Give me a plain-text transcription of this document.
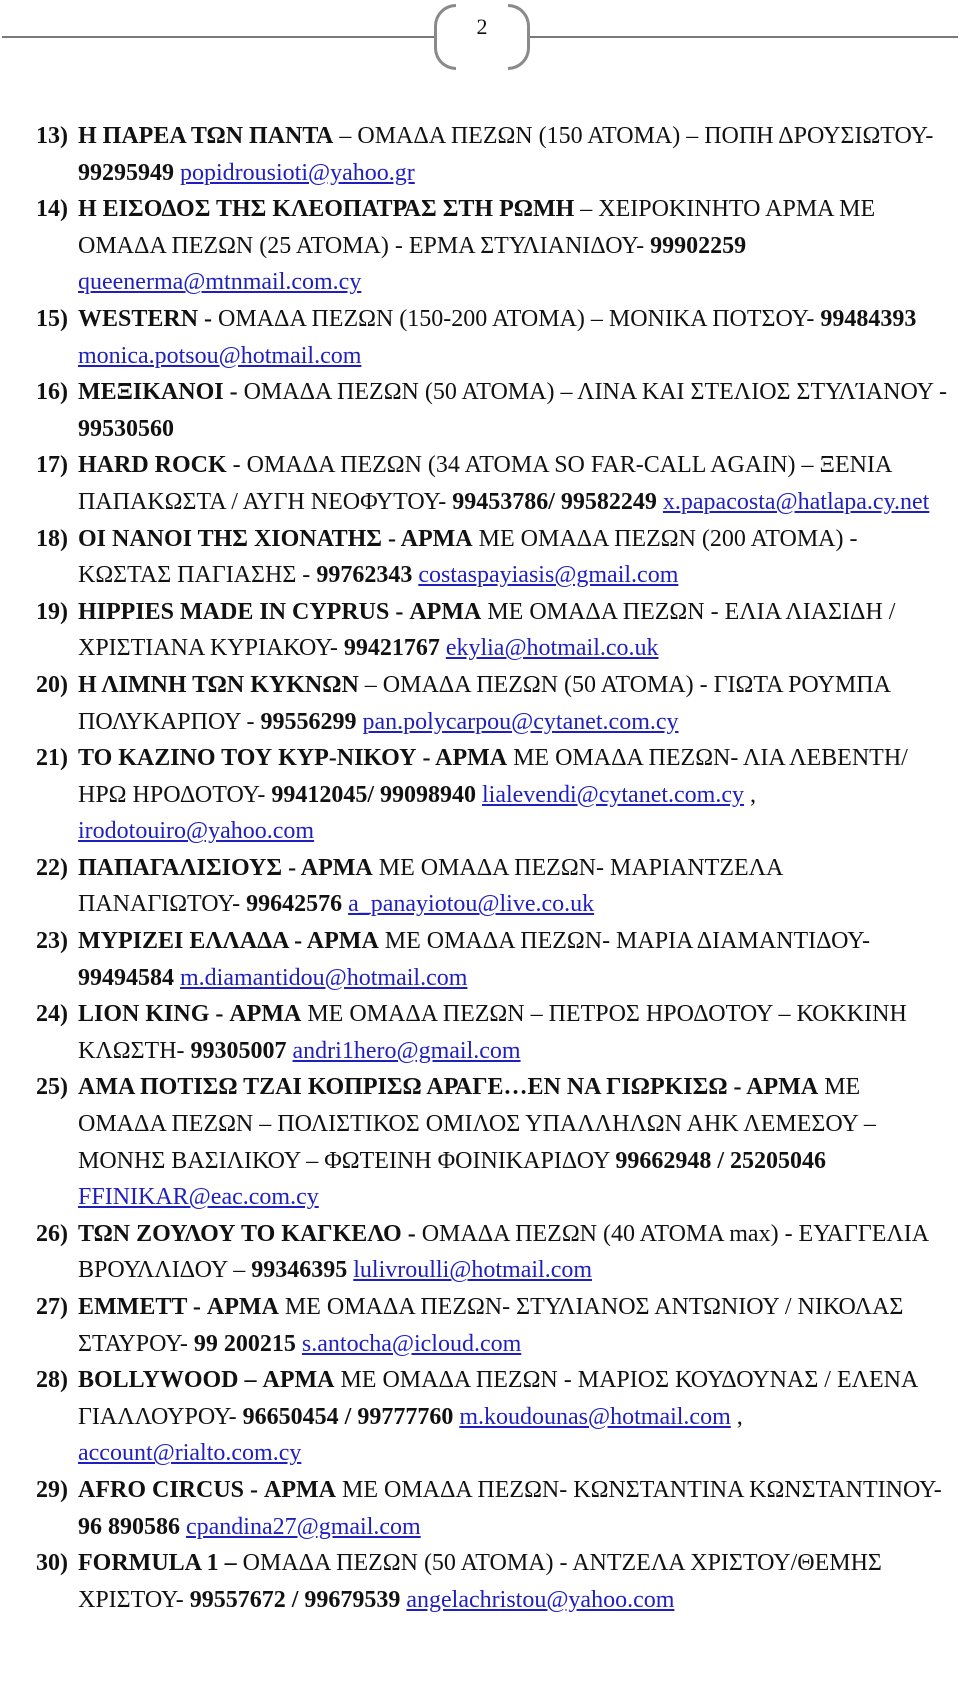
2
13) Η ΠΑΡΕΑ ΤΩΝ ΠΑΝΤΑ – ΟΜΑΔΑ ΠΕΖΩΝ (150 ΑΤΟΜΑ) – ΠΟΠΗ ΔΡΟΥΣΙΩΤΟΥ- 99295949 popidrousioti@yahoo.gr
14) Η ΕΙΣΟΔΟΣ ΤΗΣ ΚΛΕΟΠΑΤΡΑΣ ΣΤΗ ΡΩΜΗ – ΧΕΙΡΟΚΙΝΗΤΟ ΑΡΜΑ ΜΕ ΟΜΑΔΑ ΠΕΖΩΝ (25 ΑΤΟΜΑ) - ΕΡΜΑ ΣΤΥΛΙΑΝΙΔΟΥ- 99902259 queenerma@mtnmail.com.cy
15) WESTERN - ΟΜΑΔΑ ΠΕΖΩΝ (150-200 ΑΤΟΜΑ) – ΜΟΝΙΚΑ ΠΟΤΣΟΥ- 99484393 monica.potsou@hotmail.com
16) ΜΕΞΙΚΑΝΟΙ - ΟΜΑΔΑ ΠΕΖΩΝ (50 ΑΤΟΜΑ) – ΛΙΝΑ ΚΑΙ ΣΤΕΛΙΟΣ ΣΤΥΛΊΑΝΟΥ - 99530560
17) HARD ROCK - ΟΜΑΔΑ ΠΕΖΩΝ (34 ΑΤΟΜΑ SO FAR-CALL AGAIN) – ΞΕΝΙΑ ΠΑΠΑΚΩΣΤΑ / ΑΥΓΗ ΝΕΟΦΥΤΟΥ- 99453786/ 99582249 x.papacosta@hatlapa.cy.net
18) ΟΙ ΝΑΝΟΙ ΤΗΣ ΧΙΟΝΑΤΗΣ - ΑΡΜΑ ΜΕ ΟΜΑΔΑ ΠΕΖΩΝ (200 ΑΤΟΜΑ) - ΚΩΣΤΑΣ ΠΑΓΙΑΣΗΣ - 99762343 costaspayiasis@gmail.com
19) HIPPIES MADE IN CYPRUS - ΑΡΜΑ ΜΕ ΟΜΑΔΑ ΠΕΖΩΝ - ΕΛΙΑ ΛΙΑΣΙΔΗ / ΧΡΙΣΤΙΑΝΑ ΚΥΡΙΑΚΟΥ- 99421767 ekylia@hotmail.co.uk
20) Η ΛΙΜΝΗ ΤΩΝ ΚΥΚΝΩΝ – ΟΜΑΔΑ ΠΕΖΩΝ (50 ΑΤΟΜΑ) - ΓΙΩΤΑ ΡΟΥΜΠΑ ΠΟΛΥΚΑΡΠΟΥ - 99556299 pan.polycarpou@cytanet.com.cy
21) ΤΟ ΚΑΖΙΝΟ ΤΟΥ ΚΥΡ-ΝΙΚΟΥ - ΑΡΜΑ ΜΕ ΟΜΑΔΑ ΠΕΖΩΝ- ΛΙΑ ΛΕΒΕΝΤΗ/ΗΡΩ ΗΡΟΔΟΤΟΥ- 99412045/ 99098940 lialevendi@cytanet.com.cy , irodotouiro@yahoo.com
22) ΠΑΠΑΓΑΛΙΣΙΟΥΣ - ΑΡΜΑ ΜΕ ΟΜΑΔΑ ΠΕΖΩΝ- ΜΑΡΙΑΝΤΖΕΛΑ ΠΑΝΑΓΙΩΤΟΥ- 99642576 a_panayiotou@live.co.uk
23) ΜΥΡΙΖΕΙ ΕΛΛΑΔΑ - ΑΡΜΑ ΜΕ ΟΜΑΔΑ ΠΕΖΩΝ- ΜΑΡΙΑ ΔΙΑΜΑΝΤΙΔΟΥ- 99494584 m.diamantidou@hotmail.com
24) LION KING - ΑΡΜΑ ΜΕ ΟΜΑΔΑ ΠΕΖΩΝ – ΠΕΤΡΟΣ ΗΡΟΔΟΤΟΥ – ΚΟΚΚΙΝΗ ΚΛΩΣΤΗ- 99305007 andri1hero@gmail.com
25) ΑΜΑ ΠΟΤΙΣΩ ΤΖΑΙ ΚΟΠΡΙΣΩ ΑΡΑΓΕ…ΕΝ ΝΑ ΓΙΩΡΚΙΣΩ - ΑΡΜΑ ΜΕ ΟΜΑΔΑ ΠΕΖΩΝ – ΠΟΛΙΣΤΙΚΟΣ ΟΜΙΛΟΣ ΥΠΑΛΛΗΛΩΝ ΑΗΚ ΛΕΜΕΣΟΥ – ΜΟΝΗΣ ΒΑΣΙΛΙΚΟΥ – ΦΩΤΕΙΝΗ ΦΟΙΝΙΚΑΡΙΔΟΥ 99662948 / 25205046 FFINIKAR@eac.com.cy
26) ΤΩΝ ΖΟΥΛΟΥ ΤΟ ΚΑΓΚΕΛΟ - ΟΜΑΔΑ ΠΕΖΩΝ (40 ΑΤΟΜΑ max) - ΕΥΑΓΓΕΛΙΑ ΒΡΟΥΛΛΙΔΟΥ – 99346395 lulivroulli@hotmail.com
27) EMMETT - ΑΡΜΑ ΜΕ ΟΜΑΔΑ ΠΕΖΩΝ- ΣΤΥΛΙΑΝΟΣ ΑΝΤΩΝΙΟΥ / ΝΙΚΟΛΑΣ ΣΤΑΥΡΟΥ- 99 200215 s.antocha@icloud.com
28) BOLLYWOOD – ΑΡΜΑ ΜΕ ΟΜΑΔΑ ΠΕΖΩΝ - ΜΑΡΙΟΣ ΚΟΥΔΟΥΝΑΣ / ΕΛΕΝΑ ΓΙΑΛΛΟΥΡΟΥ- 96650454 / 99777760 m.koudounas@hotmail.com , account@rialto.com.cy
29) AFRO CIRCUS - ΑΡΜΑ ΜΕ ΟΜΑΔΑ ΠΕΖΩΝ- ΚΩΝΣΤΑΝΤΙΝΑ ΚΩΝΣΤΑΝΤΙΝΟΥ- 96 890586 cpandina27@gmail.com
30) FORMULA 1 – ΟΜΑΔΑ ΠΕΖΩΝ (50 ΑΤΟΜΑ) - ΑΝΤΖΕΛΑ ΧΡΙΣΤΟΥ/ΘΕΜΗΣ ΧΡΙΣΤΟΥ- 99557672 / 99679539 angelachristou@yahoo.com
